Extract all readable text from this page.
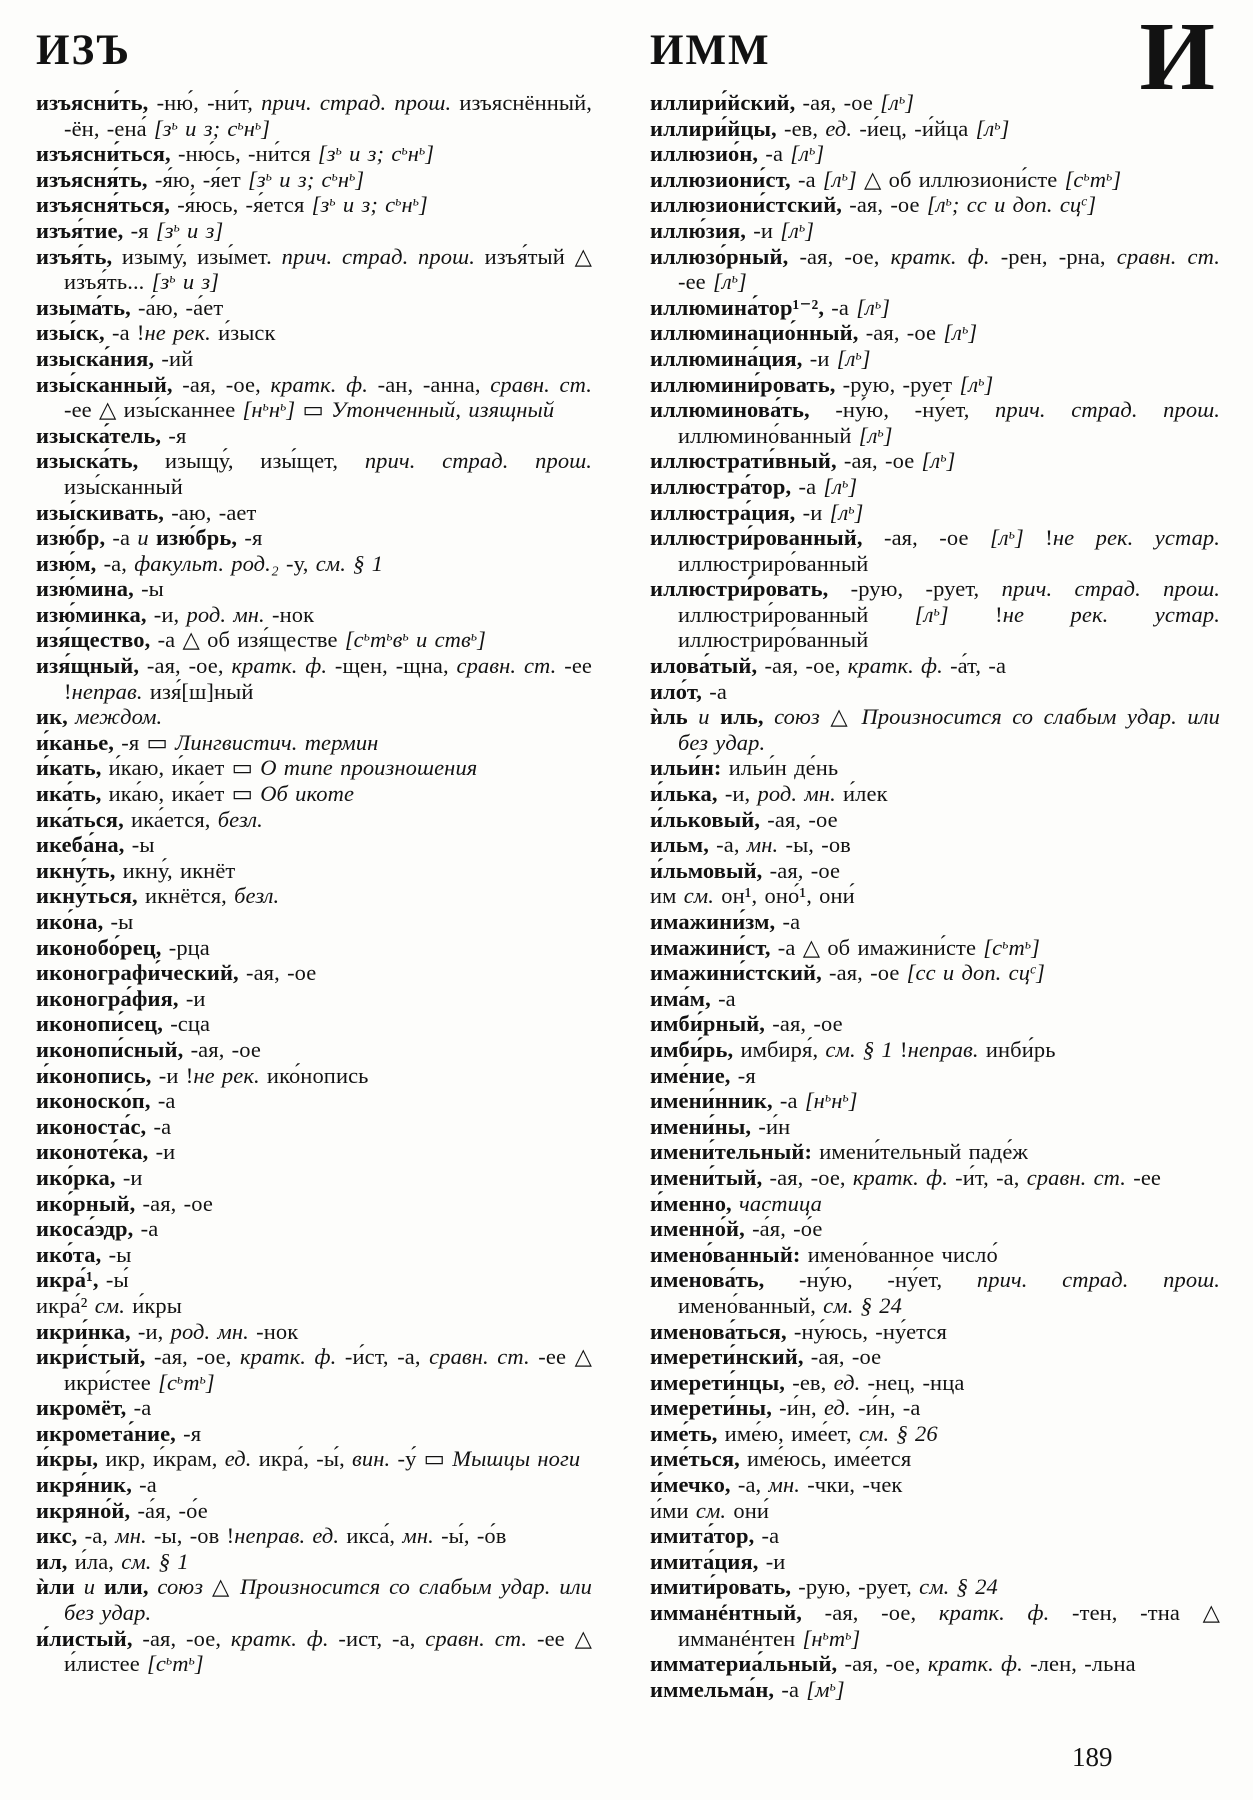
ИЗЪ	ИММ	И

изъясни́ть, -ню́, -ни́т, прич. страд. прош. изъяснённый, -ён, -ена́ [$з^ь$ и з; $с^ьн^ь$]

изъясни́ться, -ню́сь, -ни́тся [$з^ь$ и з; $с^ьн^ь$]

изъясня́ть, -я́ю, -я́ет [$з^ь$ и з; $с^ьн^ь$]

изъясня́ться, -я́юсь, -я́ется [$з^ь$ и з; $с^ьн^ь$]

изъя́тие, -я [$з^ь$ и з]

изъя́ть, изыму́, изы́мет. прич. страд. прош. изъя́тый △ изъя́ть... [$з^ь$ и з]

изыма́ть, -а́ю, -а́ет

изы́ск, -а !не рек. и́зыск

изыска́ния, -ий

изы́сканный, -ая, -ое, кратк. ф. -ан, -анна, сравн. ст. -ее △ изы́сканнее $[н^ьн^ь]$ ▭ Утонченный, изящный

изыска́тель, -я

изыска́ть, изыщу́, изы́щет, прич. страд. прош. изы́сканный

изы́скивать, -аю, -ает

изю́бр, -а и изю́брь, -я

изю́м, -а, факульт. род.₂ -у, см. § 1

изю́мина, -ы

изю́минка, -и, род. мн. -нок

изя́щество, -а △ об изя́ществе [$с^ьт^ьв^ь$ и ств$^ь$]

изя́щный, -ая, -ое, кратк. ф. -щен, -щна, сравн. ст. -ее !неправ. изя́[ш]ный

ик, междом.

и́канье, -я ▭ Лингвистич. термин

и́кать, и́каю, и́кает ▭ О типе произношения

ика́ть, ика́ю, ика́ет ▭ Об икоте

ика́ться, ика́ется, безл.

икеба́на, -ы

икну́ть, икну́, икнёт

икну́ться, икнётся, безл.

ико́на, -ы

иконобо́рец, -рца

иконографи́ческий, -ая, -ое

иконогра́фия, -и

иконопи́сец, -сца

иконопи́сный, -ая, -ое

и́конопись, -и !не рек. ико́нопись

иконоско́п, -а

иконоста́с, -а

иконоте́ка, -и

ико́рка, -и

ико́рный, -ая, -ое

икоса́эдр, -а

ико́та, -ы

икра́¹, -ы́

икра́² см. и́кры

икри́нка, -и, род. мн. -нок

икри́стый, -ая, -ое, кратк. ф. -и́ст, -а, сравн. ст. -ее △ икри́стее $[с^ьт^ь]$

икромёт, -а

икромета́ние, -я

и́кры, икр, и́крам, ед. икра́, -ы́, вин. -у́ ▭ Мышцы ноги

икря́ник, -а

икряно́й, -а́я, -о́е

икс, -а, мн. -ы, -ов !неправ. ед. икса́, мн. -ы́, -о́в

ил, и́ла, см. § 1

ѝли и или, союз △ Произносится со слабым удар. или без удар.

и́листый, -ая, -ое, кратк. ф. -ист, -а, сравн. ст. -ее △ и́листее $[с^ьт^ь]$

иллири́йский, -ая, -ое $[л^ь]$

иллири́йцы, -ев, ед. -и́ец, -и́йца $[л^ь]$

иллюзио́н, -а $[л^ь]$

иллюзиони́ст, -а $[л^ь]$ △ об иллюзиони́сте $[с^ьт^ь]$

иллюзиони́стский, -ая, -ое [$л^ь$; сс и доп. $сц^с$]

иллю́зия, -и $[л^ь]$

иллюзо́рный, -ая, -ое, кратк. ф. -рен, -рна, сравн. ст. -ее $[л^ь]$

иллюмина́тор¹⁻², -а $[л^ь]$

иллюминацио́нный, -ая, -ое $[л^ь]$

иллюмина́ция, -и $[л^ь]$

иллюмини́ровать, -рую, -рует $[л^ь]$

иллюминова́ть, -ну́ю, -ну́ет, прич. страд. прош. иллюмино́ванный $[л^ь]$

иллюстрати́вный, -ая, -ое $[л^ь]$

иллюстра́тор, -а $[л^ь]$

иллюстра́ция, -и $[л^ь]$

иллюстри́рованный, -ая, -ое $[л^ь]$ !не рек. устар. иллюстриро́ванный

иллюстри́ровать, -рую, -рует, прич. страд. прош. иллюстри́рованный $[л^ь]$ !не рек. устар. иллюстриро́ванный

илова́тый, -ая, -ое, кратк. ф. -а́т, -а

ило́т, -а

ѝль и иль, союз △ Произносится со слабым удар. или без удар.

ильи́н: ильи́н де́нь

и́лька, -и, род. мн. и́лек

и́льковый, -ая, -ое

ильм, -а, мн. -ы, -ов

и́льмовый, -ая, -ое

им см. он¹, оно́¹, они́

имажини́зм, -а

имажини́ст, -а △ об имажини́сте $[с^ьт^ь]$

имажини́стский, -ая, -ое [сс и доп. $сц^с$]

има́м, -а

имби́рный, -ая, -ое

имби́рь, имбиря́, см. § 1 !неправ. инби́рь

име́ние, -я

имени́нник, -а $[н^ьн^ь]$

имени́ны, -и́н

имени́тельный: имени́тельный паде́ж

имени́тый, -ая, -ое, кратк. ф. -и́т, -а, сравн. ст. -ее

и́менно, частица

именно́й, -а́я, -о́е

имено́ванный: имено́ванное число́

именова́ть, -ну́ю, -ну́ет, прич. страд. прош. имено́ванный, см. § 24

именова́ться, -ну́юсь, -ну́ется

имерети́нский, -ая, -ое

имерети́нцы, -ев, ед. -нец, -нца

имерети́ны, -и́н, ед. -и́н, -а

име́ть, име́ю, име́ет, см. § 26

име́ться, име́юсь, име́ется

и́мечко, -а, мн. -чки, -чек

и́ми см. они́

имита́тор, -а

имита́ция, -и

имити́ровать, -рую, -рует, см. § 24

имманéнтный, -ая, -ое, кратк. ф. -тен, -тна △ имманéнтен $[н^ьт^ь]$

имматериа́льный, -ая, -ое, кратк. ф. -лен, -льна

иммельма́н, -а $[м^ь]$

189
